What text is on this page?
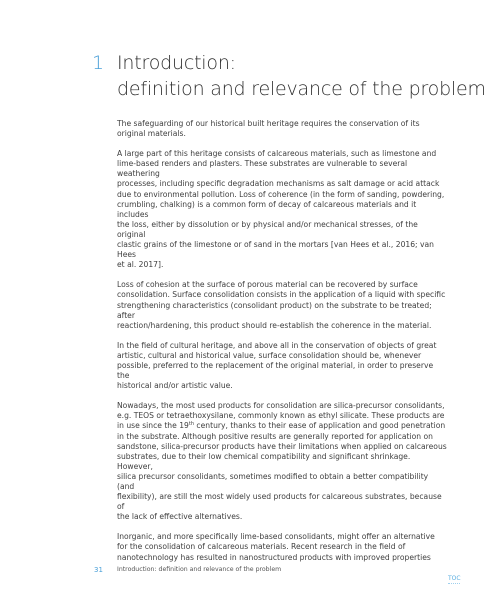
1 Introduction:
definition and relevance of the problem

The safeguarding of our historical built heritage requires the conservation of its
original materials.

A large part of this heritage consists of calcareous materials, such as limestone and
lime-based renders and plasters. These substrates are vulnerable to several weathering
processes, including specific degradation mechanisms as salt damage or acid attack
due to environmental pollution. Loss of coherence (in the form of sanding, powdering,
crumbling, chalking) is a common form of decay of calcareous materials and it includes
the loss, either by dissolution or by physical and/or mechanical stresses, of the original
clastic grains of the limestone or of sand in the mortars [van Hees et al., 2016; van Hees
et al. 2017].

Loss of cohesion at the surface of porous material can be recovered by surface
consolidation. Surface consolidation consists in the application of a liquid with specific
strengthening characteristics (consolidant product) on the substrate to be treated; after
reaction/hardening, this product should re-establish the coherence in the material.

In the field of cultural heritage, and above all in the conservation of objects of great
artistic, cultural and historical value, surface consolidation should be, whenever
possible, preferred to the replacement of the original material, in order to preserve the
historical and/or artistic value.

Nowadays, the most used products for consolidation are silica-precursor consolidants,
e.g. TEOS or tetraethoxysilane, commonly known as ethyl silicate. These products are
in use since the 19th century, thanks to their ease of application and good penetration
in the substrate. Although positive results are generally reported for application on
sandstone, silica-precursor products have their limitations when applied on calcareous
substrates, due to their low chemical compatibility and significant shrinkage. However,
silica precursor consolidants, sometimes modified to obtain a better compatibility (and
flexibility), are still the most widely used products for calcareous substrates, because of
the lack of effective alternatives.

Inorganic, and more specifically lime-based consolidants, might offer an alternative
for the consolidation of calcareous materials. Recent research in the field of
nanotechnology has resulted in nanostructured products with improved properties

31 Introduction: definition and relevance of the problem
TOC
